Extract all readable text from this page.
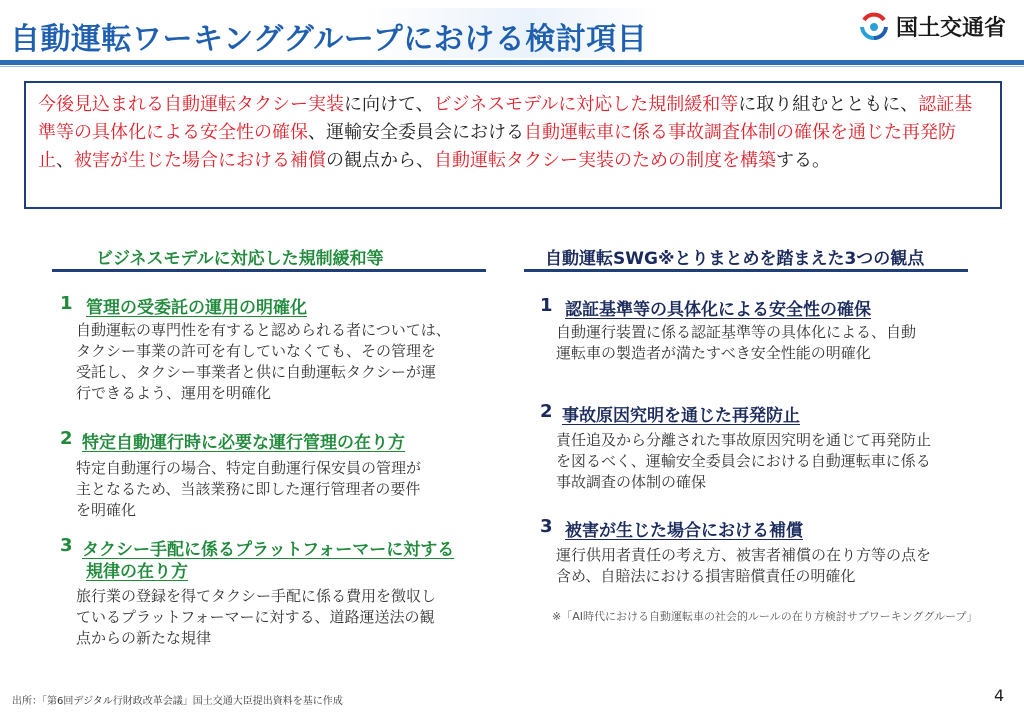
自動運転ワーキンググループにおける検討項目	国土交通省
今後見込まれる自動運転タクシー実装に向けて、ビジネスモデルに対応した規制緩和等に取り組むとともに、認証基準等の具体化による安全性の確保、運輸安全委員会における自動運転車に係る事故調査体制の確保を通じた再発防止、被害が生じた場合における補償の観点から、自動運転タクシー実装のための制度を構築する。
ビジネスモデルに対応した規制緩和等
1 管理の受委託の運用の明確化
自動運転の専門性を有すると認められる者については、
タクシー事業の許可を有していなくても、その管理を
受託し、タクシー事業者と供に自動運転タクシーが運
行できるよう、運用を明確化
2 特定自動運行時に必要な運行管理の在り方
特定自動運行の場合、特定自動運行保安員の管理が
主となるため、当該業務に即した運行管理者の要件
を明確化
3 タクシー手配に係るプラットフォーマーに対する
規律の在り方
旅行業の登録を得てタクシー手配に係る費用を徴収し
ているプラットフォーマーに対する、道路運送法の観
点からの新たな規律
自動運転SWG※とりまとめを踏まえた3つの観点
1 認証基準等の具体化による安全性の確保
自動運行装置に係る認証基準等の具体化による、自動
運転車の製造者が満たすべき安全性能の明確化
2 事故原因究明を通じた再発防止
責任追及から分離された事故原因究明を通じて再発防止
を図るべく、運輸安全委員会における自動運転車に係る
事故調査の体制の確保
3 被害が生じた場合における補償
運行供用者責任の考え方、被害者補償の在り方等の点を
含め、自賠法における損害賠償責任の明確化
※「AI時代における自動運転車の社会的ルールの在り方検討サブワーキンググループ」
出所：「第6回デジタル行財政改革会議」国土交通大臣提出資料を基に作成	4
